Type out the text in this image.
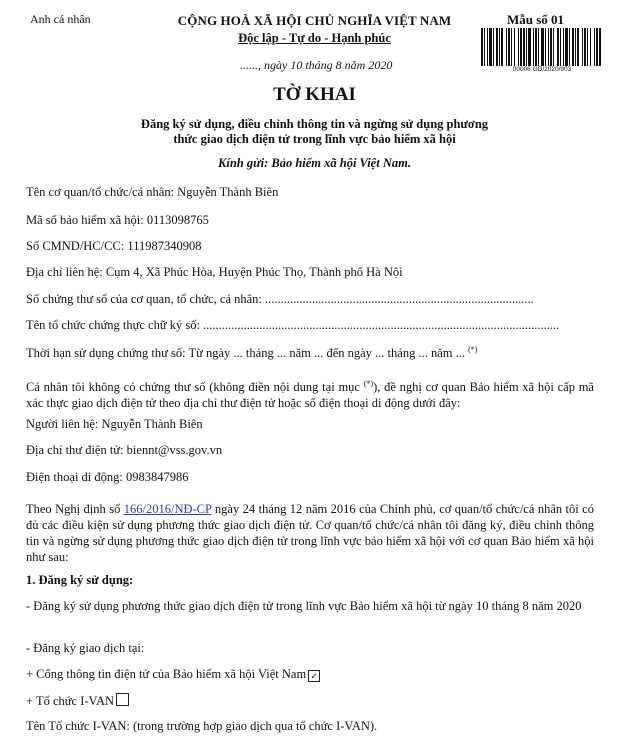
Anh cá nhân	CỘNG HOÀ XÃ HỘI CHỦ NGHĨA VIỆT NAM
Độc lập - Tự do - Hạnh phúc
Mẫu số 01
00006 GD/2020/903
......, ngày 10 tháng 8 năm 2020
TỜ KHAI
Đăng ký sử dụng, điều chỉnh thông tin và ngừng sử dụng phương
thức giao dịch điện tử trong lĩnh vực bảo hiểm xã hội
Kính gửi: Bảo hiểm xã hội Việt Nam.
Tên cơ quan/tổ chức/cá nhân: Nguyễn Thành Biên
Mã số bảo hiểm xã hội: 0113098765
Số CMND/HC/CC: 111987340908
Địa chỉ liên hệ: Cụm 4, Xã Phúc Hòa, Huyện Phúc Thọ, Thành phố Hà Nội
Số chứng thư số của cơ quan, tổ chức, cá nhân: ......................................................................................
Tên tổ chức chứng thực chữ ký số: ..................................................................................................................
Thời hạn sử dụng chứng thư số: Từ ngày ... tháng ... năm ... đến ngày ... tháng ... năm ... (*)
Cá nhân tôi không có chứng thư số (không điền nội dung tại mục (*)), đề nghị cơ quan Bảo hiểm xã hội cấp mã xác thực giao dịch điện tử theo địa chỉ thư điện tử hoặc số điện thoại di động dưới đây:
Người liên hệ: Nguyễn Thành Biên
Địa chỉ thư điện tử: biennt@vss.gov.vn
Điện thoại di động: 0983847986
Theo Nghị định số 166/2016/NĐ-CP ngày 24 tháng 12 năm 2016 của Chính phủ, cơ quan/tổ chức/cá nhân tôi có đủ các điều kiện sử dụng phương thức giao dịch điện tử. Cơ quan/tổ chức/cá nhân tôi đăng ký, điều chỉnh thông tin và ngừng sử dụng phương thức giao dịch điện tử trong lĩnh vực bảo hiểm xã hội với cơ quan Bảo hiểm xã hội như sau:
1. Đăng ký sử dụng:
- Đăng ký sử dụng phương thức giao dịch điện tử trong lĩnh vực Bảo hiểm xã hội từ ngày 10 tháng 8 năm 2020
- Đăng ký giao dịch tại:
+ Cổng thông tin điện tử của Bảo hiểm xã hội Việt Nam ✓
+ Tổ chức I-VAN
Tên Tổ chức I-VAN: (trong trường hợp giao dịch qua tổ chức I-VAN).
